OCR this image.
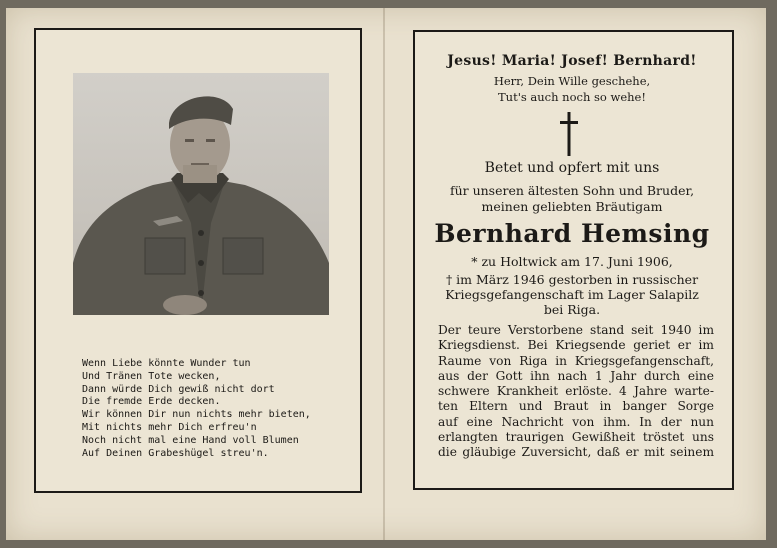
Wenn Liebe könnte Wunder tun
Und Tränen Tote wecken,
Dann würde Dich gewiß nicht dort
Die fremde Erde decken.
Wir können Dir nun nichts mehr bieten,
Mit nichts mehr Dich erfreu'n
Noch nicht mal eine Hand voll Blumen
Auf Deinen Grabeshügel streu'n.
Jesus! Maria! Josef! Bernhard!
Herr, Dein Wille geschehe,
Tut's auch noch so wehe!
Betet und opfert mit uns
für unseren ältesten Sohn und Bruder,
meinen geliebten Bräutigam
Bernhard Hemsing
* zu Holtwick am 17. Juni 1906,
† im März 1946 gestorben in russischer
Kriegsgefangenschaft im Lager Salapilz
bei Riga.
Der teure Verstorbene stand seit 1940 im
Kriegsdienst. Bei Kriegsende geriet er im
Raume von Riga in Kriegsgefangenschaft,
aus der Gott ihn nach 1 Jahr durch eine
schwere Krankheit erlöste. 4 Jahre warte-
ten Eltern und Braut in banger Sorge
auf eine Nachricht von ihm. In der nun
erlangten traurigen Gewißheit tröstet uns
die gläubige Zuversicht, daß er mit seinem
